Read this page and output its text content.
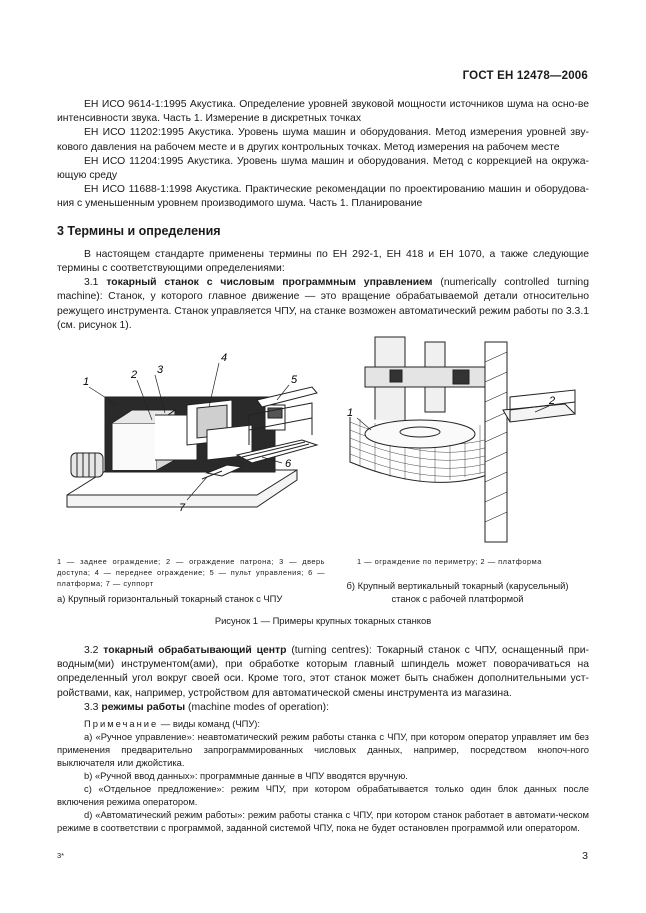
ГОСТ ЕН 12478—2006

ЕН ИСО 9614-1:1995 Акустика. Определение уровней звуковой мощности источников шума на осно-ве интенсивности звука. Часть 1. Измерение в дискретных точках

ЕН ИСО 11202:1995 Акустика. Уровень шума машин и оборудования. Метод измерения уровней зву-кового давления на рабочем месте и в других контрольных точках. Метод измерения на рабочем месте

ЕН ИСО 11204:1995 Акустика. Уровень шума машин и оборудования. Метод с коррекцией на окружа-ющую среду

ЕН ИСО 11688-1:1998 Акустика. Практические рекомендации по проектированию машин и оборудова-ния с уменьшенным уровнем производимого шума. Часть 1. Планирование

3 Термины и определения

В настоящем стандарте применены термины по ЕН 292-1, ЕН 418 и ЕН 1070, а также следующие термины с соответствующими определениями:

3.1 токарный станок с числовым программным управлением (numerically controlled turning machine): Станок, у которого главное движение — это вращение обрабатываемой детали относительно режущего инструмента. Станок управляется ЧПУ, на станке возможен автоматический режим работы по 3.3.1 (см. рисунок 1).

1
2 3
4
5
6
7
1
2
1 — заднее ограждение; 2 — ограждение патрона; 3 — дверь доступа; 4 — переднее ограждение; 5 — пульт управления; 6 — платформа; 7 — суппорт
а) Крупный горизонтальный токарный станок с ЧПУ
1 — ограждение по периметру; 2 — платформа
б) Крупный вертикальный токарный (карусельный) станок с рабочей платформой
Рисунок 1 — Примеры крупных токарных станков

3.2 токарный обрабатывающий центр (turning centres): Токарный станок с ЧПУ, оснащенный при-водным(ми) инструментом(ами), при обработке которым главный шпиндель может поворачиваться на определенный угол вокруг своей оси. Кроме того, этот станок может быть снабжен дополнительными уст-ройствами, как, например, устройством для автоматической смены инструмента из магазина.

3.3 режимы работы (machine modes of operation):

Примечание — виды команд (ЧПУ):

а) «Ручное управление»: неавтоматический режим работы станка с ЧПУ, при котором оператор управляет им без применения предварительно запрограммированных числовых данных, например, посредством кнопоч-ного выключателя или джойстика.

b) «Ручной ввод данных»: программные данные в ЧПУ вводятся вручную.

c) «Отдельное предложение»: режим ЧПУ, при котором обрабатывается только один блок данных после включения режима оператором.

d) «Автоматический режим работы»: режим работы станка с ЧПУ, при котором станок работает в автомати-ческом режиме в соответствии с программой, заданной системой ЧПУ, пока не будет остановлен программой или оператором.

3*	3
